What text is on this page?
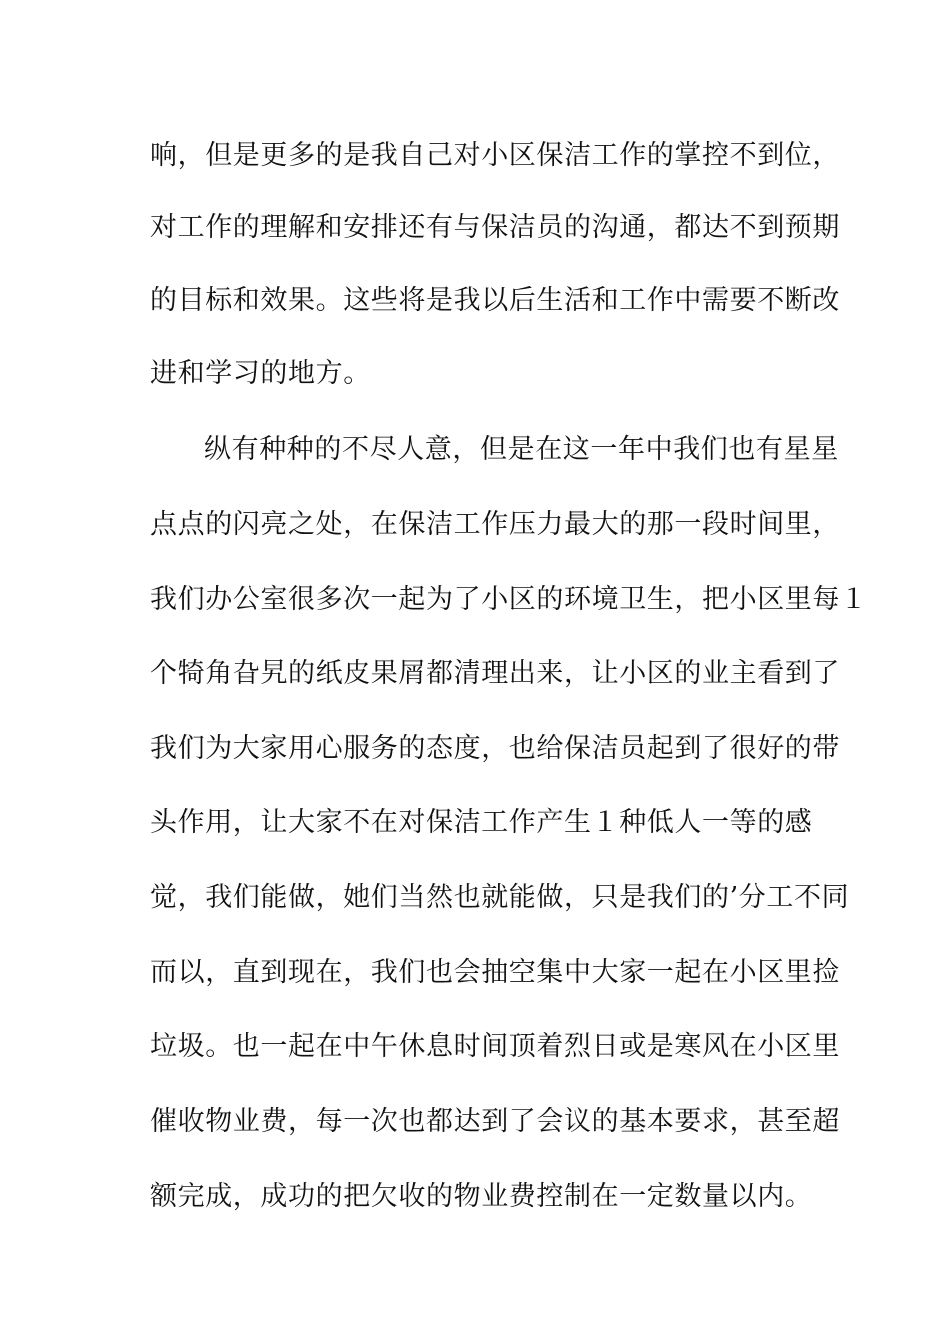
响，但是更多的是我自己对小区保洁工作的掌控不到位，
对工作的理解和安排还有与保洁员的沟通，都达不到预期
的目标和效果。这些将是我以后生活和工作中需要不断改
进和学习的地方。
纵有种种的不尽人意，但是在这一年中我们也有星星
点点的闪亮之处，在保洁工作压力最大的那一段时间里，
我们办公室很多次一起为了小区的环境卫生，把小区里每１
个犄角旮旯的纸皮果屑都清理出来，让小区的业主看到了
我们为大家用心服务的态度，也给保洁员起到了很好的带
头作用，让大家不在对保洁工作产生１种低人一等的感
觉，我们能做，她们当然也就能做，只是我们的’分工不同
而以，直到现在，我们也会抽空集中大家一起在小区里捡
垃圾。也一起在中午休息时间顶着烈日或是寒风在小区里
催收物业费，每一次也都达到了会议的基本要求，甚至超
额完成，成功的把欠收的物业费控制在一定数量以内。
